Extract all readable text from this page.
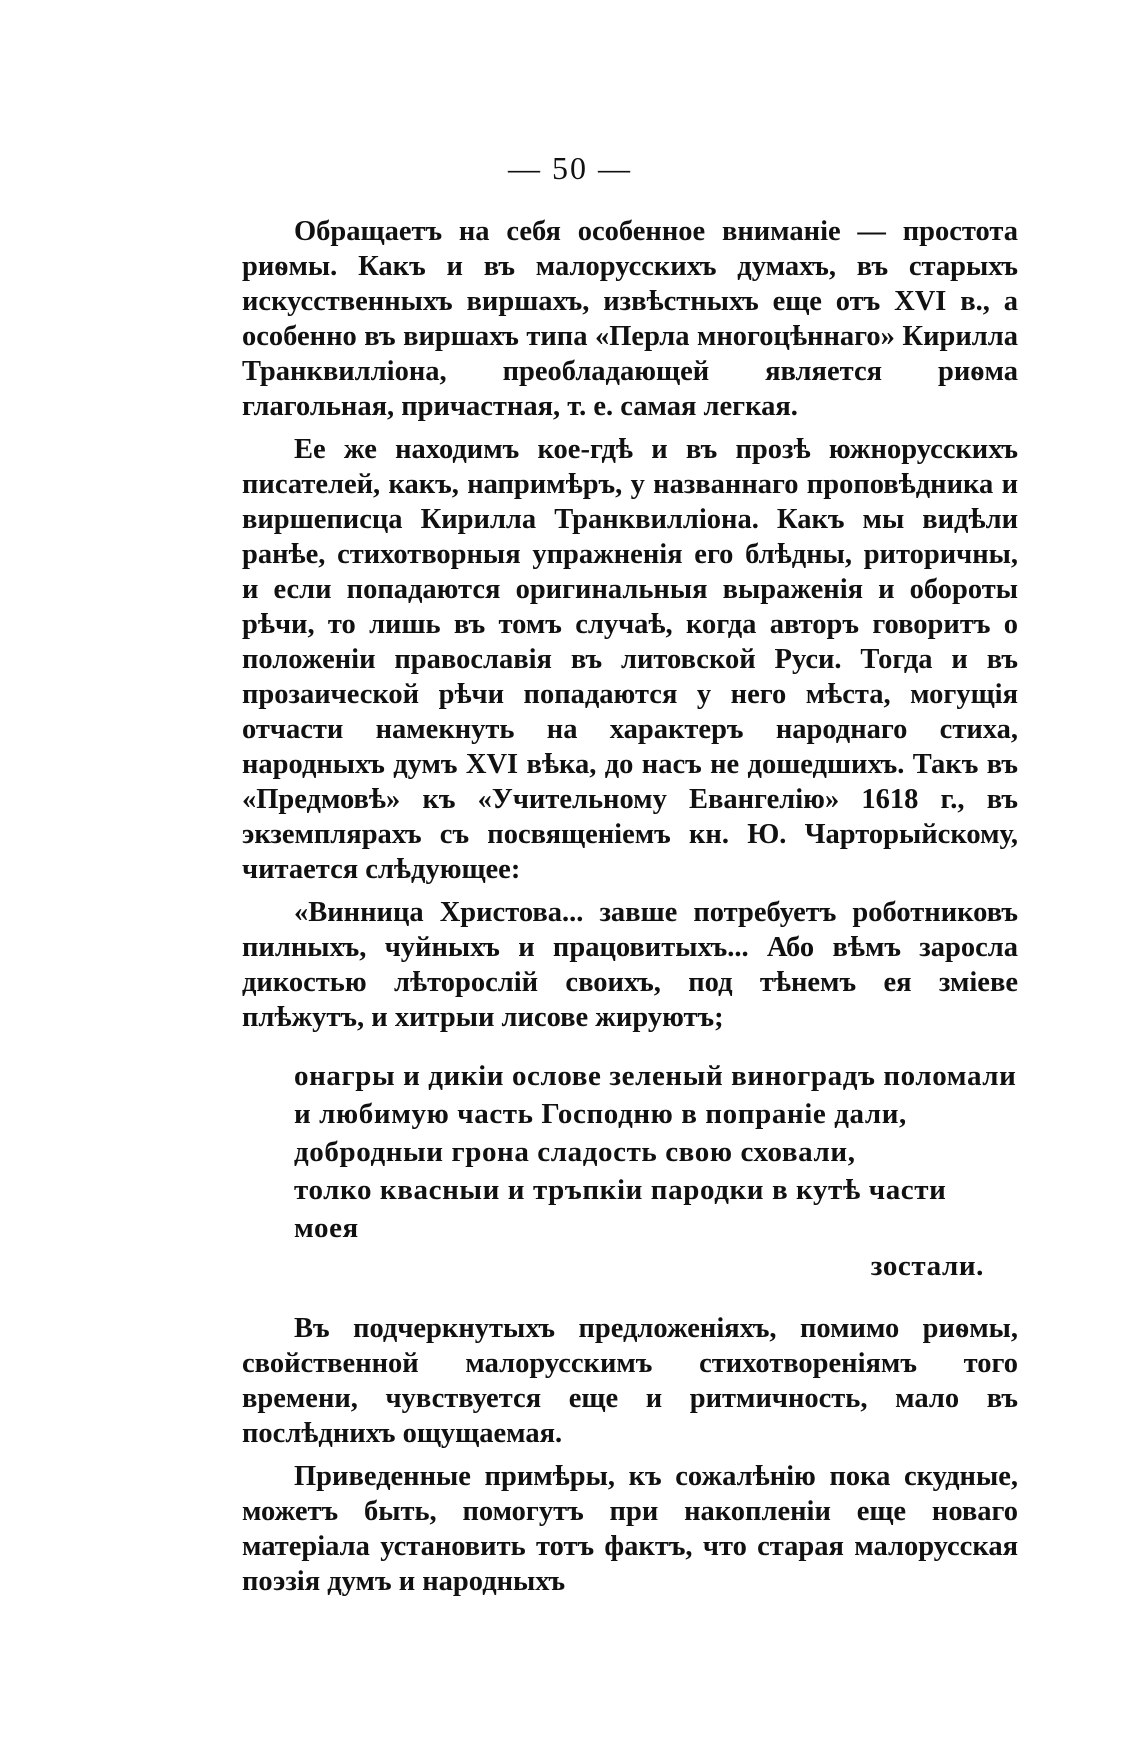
— 50 —

Обращаетъ на себя особенное вниманіе — простота риѳмы. Какъ и въ малорусскихъ думахъ, въ старыхъ искусственныхъ виршахъ, извѣстныхъ еще отъ XVI в., а особенно въ виршахъ типа «Перла многоцѣннаго» Кирилла Транквилліона, преобладающей является риѳма глагольная, причастная, т. е. самая легкая.

Ее же находимъ кое-гдѣ и въ прозѣ южнорусскихъ писателей, какъ, напримѣръ, у названнаго проповѣдника и виршеписца Кирилла Транквилліона. Какъ мы видѣли ранѣе, стихотворныя упражненія его блѣдны, риторичны, и если попадаются оригинальныя выраженія и обороты рѣчи, то лишь въ томъ случаѣ, когда авторъ говоритъ о положеніи православія въ литовской Руси. Тогда и въ прозаической рѣчи попадаются у него мѣста, могущія отчасти намекнуть на характеръ народнаго стиха, народныхъ думъ XVI вѣка, до насъ не дошедшихъ. Такъ въ «Предмовѣ» къ «Учительному Евангелію» 1618 г., въ экземплярахъ съ посвященіемъ кн. Ю. Чарторыйскому, читается слѣдующее:

«Винница Христова... завше потребуетъ роботниковъ пилныхъ, чуйныхъ и працовитыхъ... Або вѣмъ заросла дикостью лѣторослій своихъ, под тѣнемъ ея зміеве плѣжутъ, и хитрыи лисове жируютъ;

онагры и дикіи ослове зеленый виноградъ поломали
и любимую часть Господню в попраніе дали,
добродныи грона сладость свою сховали,
толко квасныи и тръпкіи пародки в кутѣ части моея
зостали.

Въ подчеркнутыхъ предложеніяхъ, помимо риѳмы, свойственной малорусскимъ стихотвореніямъ того времени, чувствуется еще и ритмичность, мало въ послѣднихъ ощущаемая.

Приведенные примѣры, къ сожалѣнію пока скудные, можетъ быть, помогутъ при накопленіи еще новаго матеріала установить тотъ фактъ, что старая малорусская поэзія думъ и народныхъ
